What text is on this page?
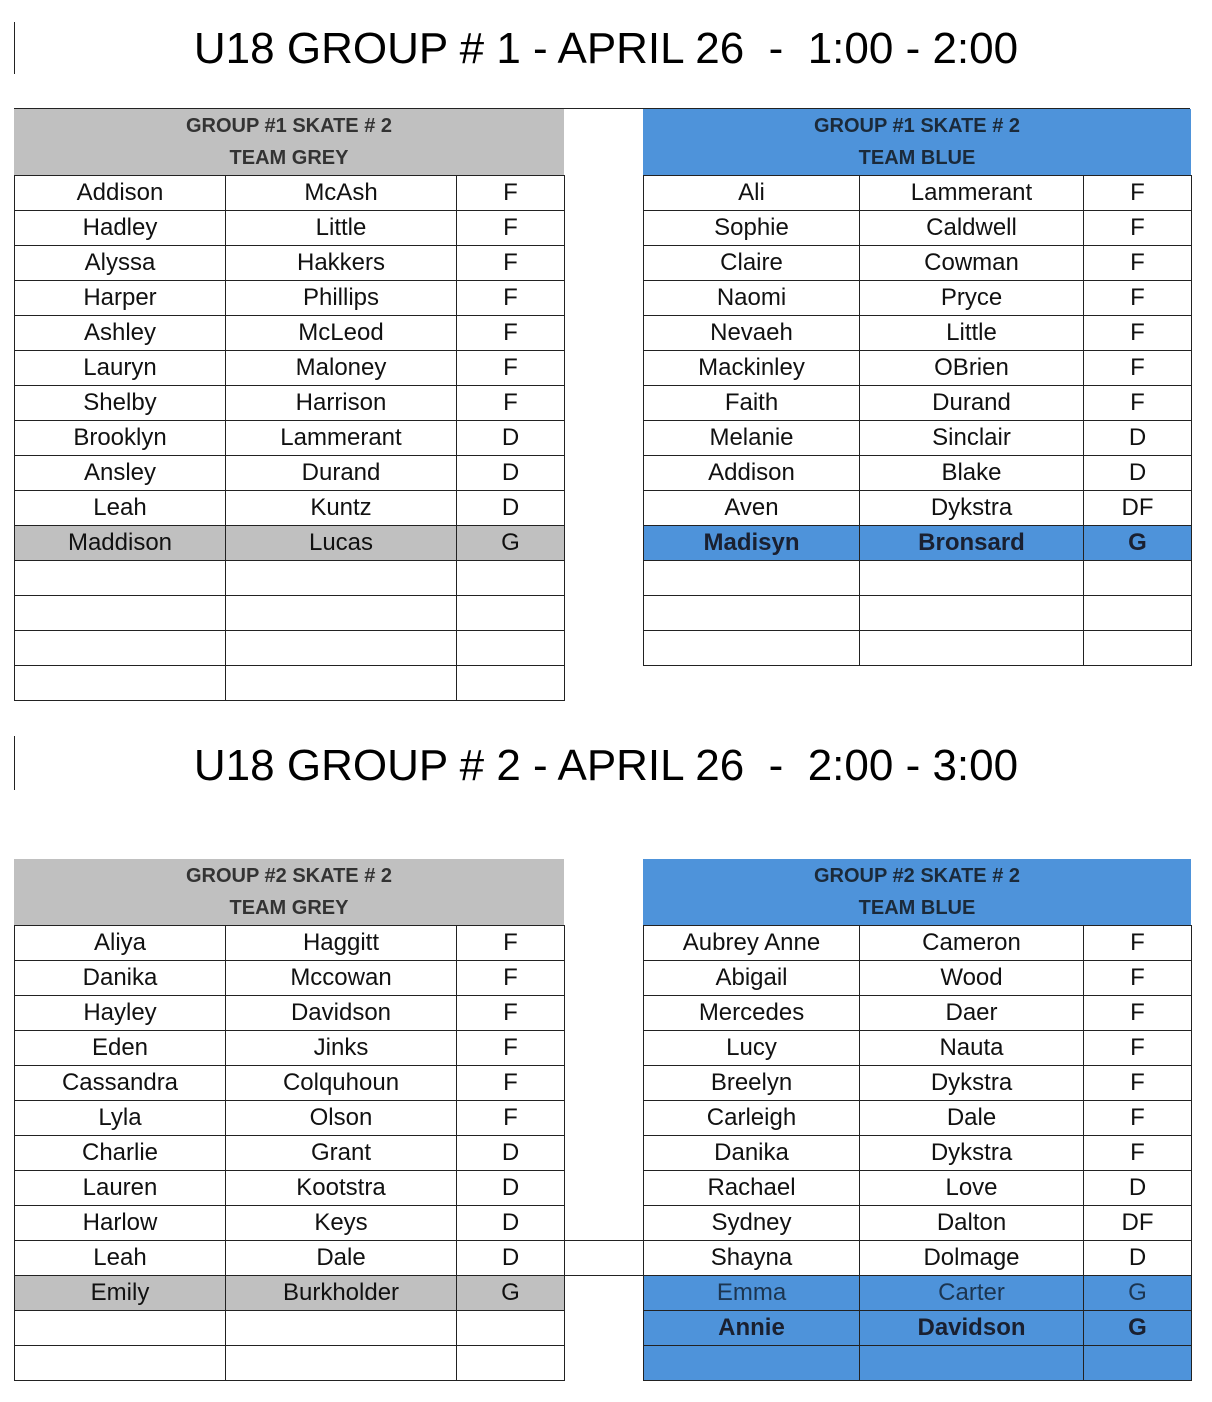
U18 GROUP # 1 - APRIL 26  -  1:00 - 2:00
GROUP #1 SKATE # 2
TEAM GREY
Addison	McAsh	F
Hadley	Little	F
Alyssa	Hakkers	F
Harper	Phillips	F
Ashley	McLeod	F
Lauryn	Maloney	F
Shelby	Harrison	F
Brooklyn	Lammerant	D
Ansley	Durand	D
Leah	Kuntz	D
Maddison	Lucas	G

GROUP #1 SKATE # 2
TEAM BLUE
Ali	Lammerant	F
Sophie	Caldwell	F
Claire	Cowman	F
Naomi	Pryce	F
Nevaeh	Little	F
Mackinley	OBrien	F
Faith	Durand	F
Melanie	Sinclair	D
Addison	Blake	D
Aven	Dykstra	DF
Madisyn	Bronsard	G

U18 GROUP # 2 - APRIL 26  -  2:00 - 3:00
GROUP #2 SKATE # 2
TEAM GREY
Aliya	Haggitt	F
Danika	Mccowan	F
Hayley	Davidson	F
Eden	Jinks	F
Cassandra	Colquhoun	F
Lyla	Olson	F
Charlie	Grant	D
Lauren	Kootstra	D
Harlow	Keys	D
Leah	Dale	D
Emily	Burkholder	G

GROUP #2 SKATE # 2
TEAM BLUE
Aubrey Anne	Cameron	F
Abigail	Wood	F
Mercedes	Daer	F
Lucy	Nauta	F
Breelyn	Dykstra	F
Carleigh	Dale	F
Danika	Dykstra	F
Rachael	Love	D
Sydney	Dalton	DF
Shayna	Dolmage	D
Emma	Carter	G
Annie	Davidson	G
